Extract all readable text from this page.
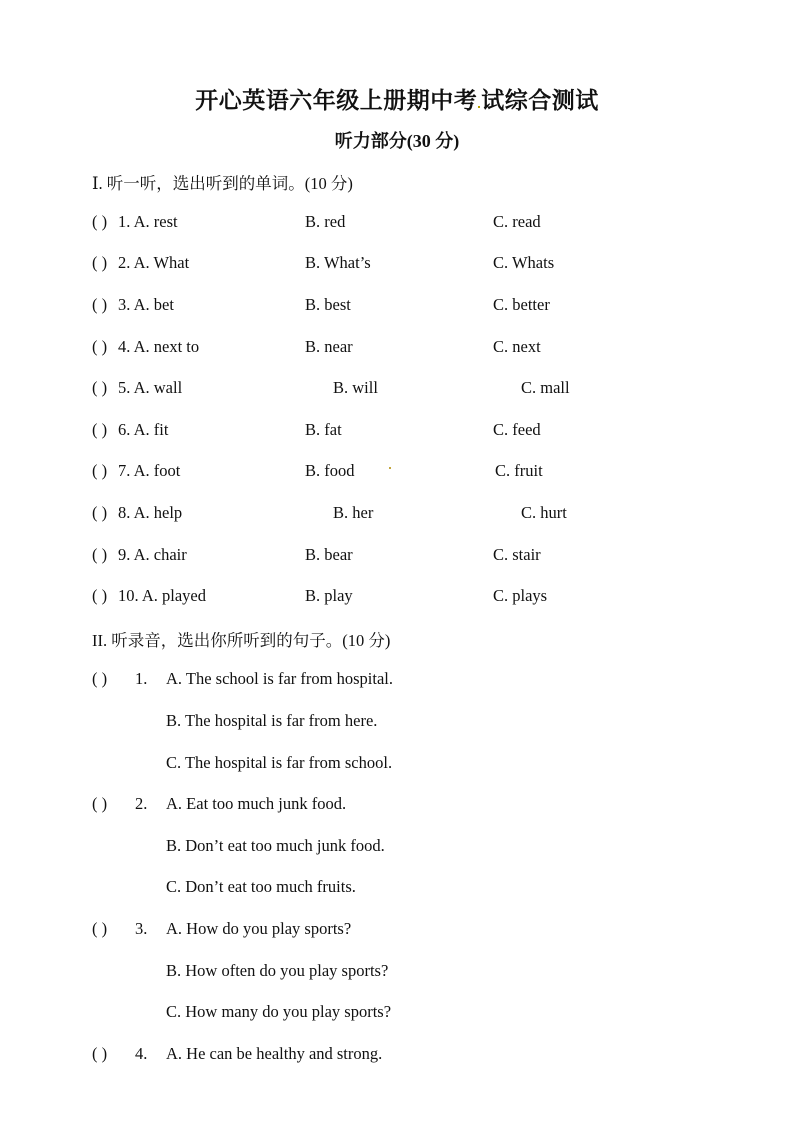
开心英语六年级上册期中考 试综合测试
听力部分(30 分)
Ⅰ. 听一听，选出听到的单词。(10 分)
( ) 1. A. rest	B. red	C. read
( ) 2. A. What	B. What’s	C. Whats
( ) 3. A. bet	B. best	C. better
( ) 4. A. next to	B. near	C. next
( ) 5. A. wall	B. will	C. mall
( ) 6. A. fit	B. fat	C. feed
( ) 7. A. foot	B. food	C. fruit
( ) 8. A. help	B. her	C. hurt
( ) 9. A. chair	B. bear	C. stair
( ) 10. A. played	B. play	C. plays
II. 听录音，选出你所听到的句子。(10 分)
( ) 1. A. The school is far from hospital.
B. The hospital is far from here.
C. The hospital is far from school.
( ) 2. A. Eat too much junk food.
B. Don’t eat too much junk food.
C. Don’t eat too much fruits.
( ) 3. A. How do you play sports?
B. How often do you play sports?
C. How many do you play sports?
( ) 4. A. He can be healthy and strong.
